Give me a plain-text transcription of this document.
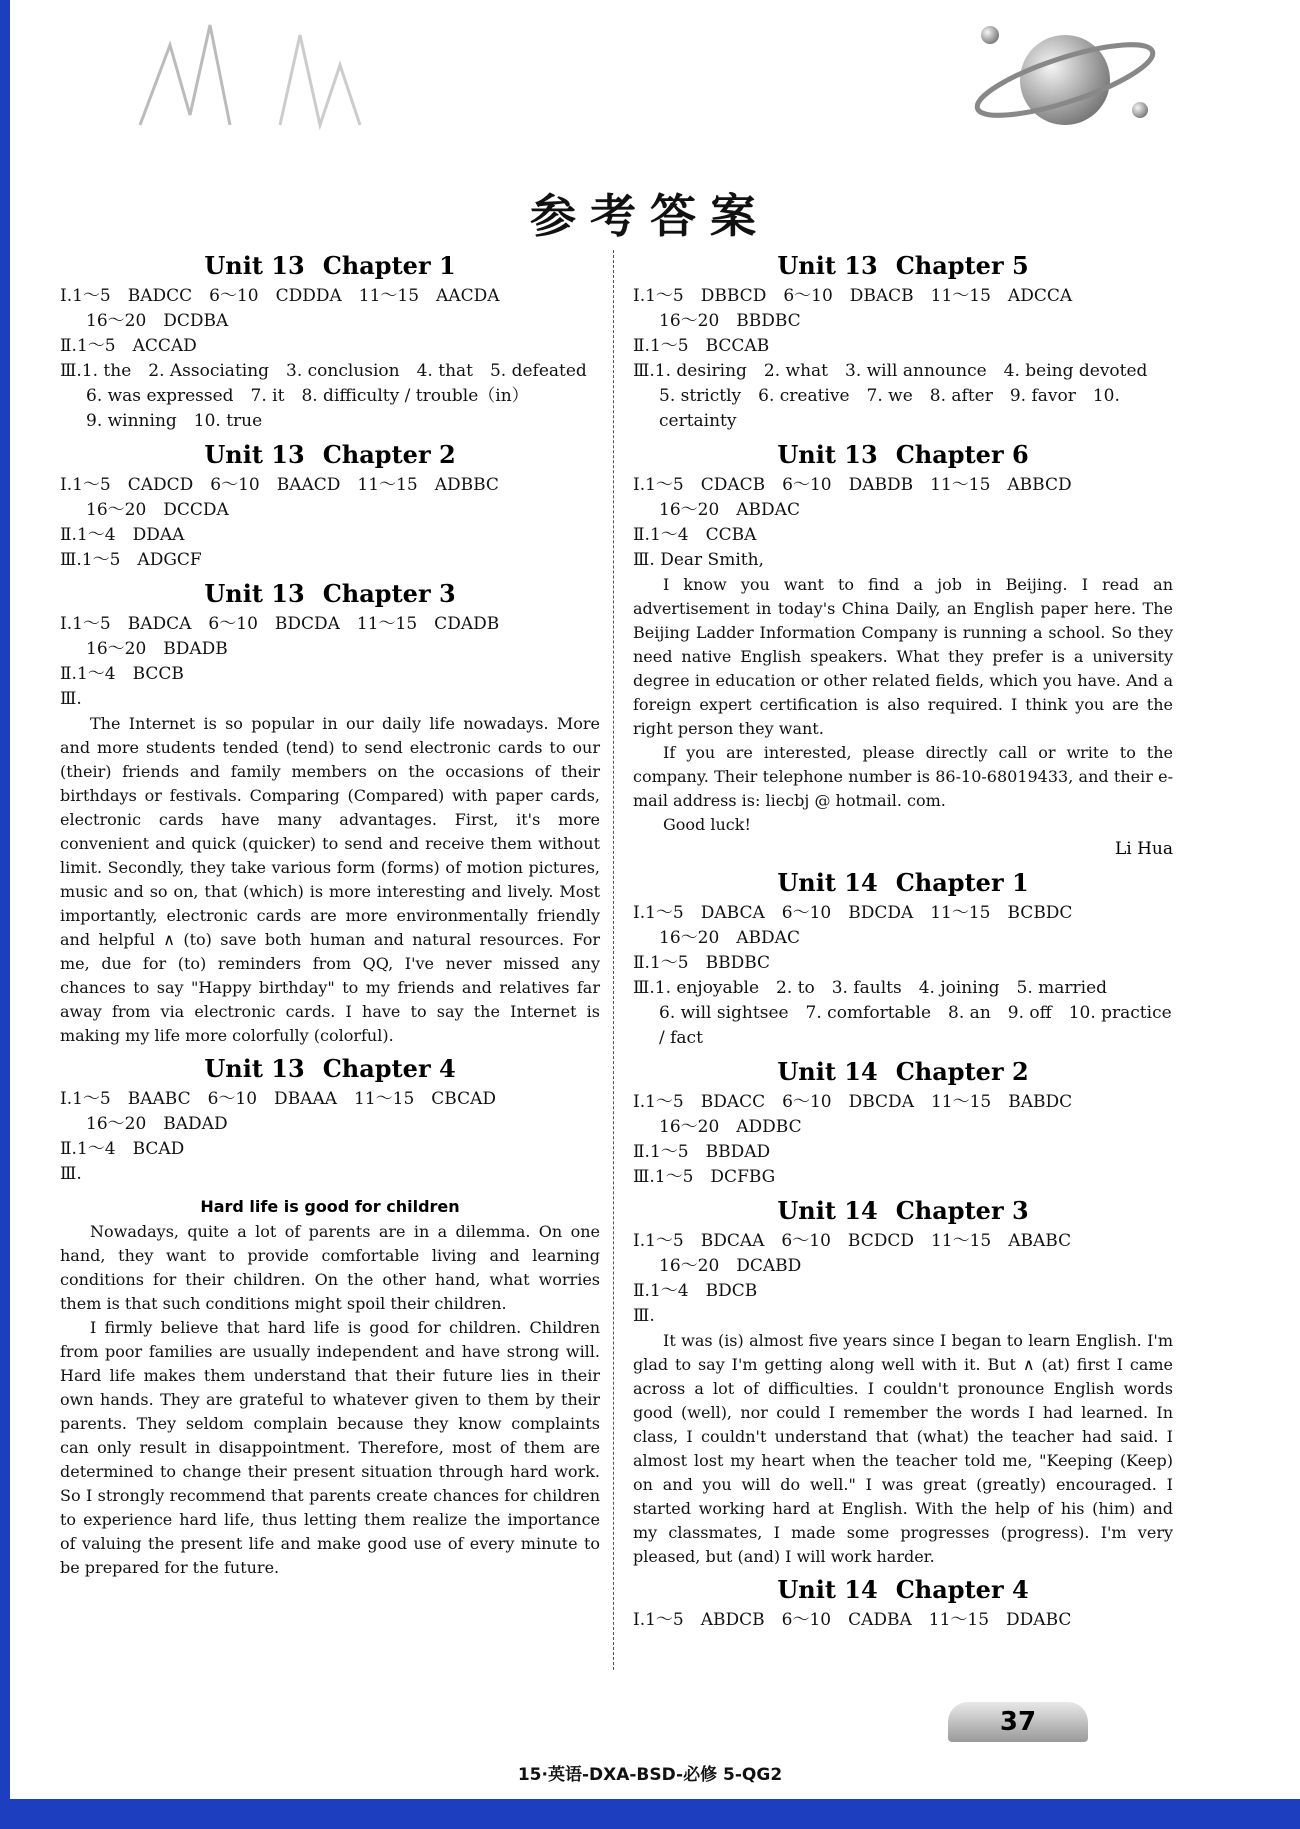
参考答案
Unit 13 Chapter 1
Ⅰ.1～5　BADCC　6～10　CDDDA　11～15　AACDA
16～20　DCDBA
Ⅱ.1～5　ACCAD
Ⅲ.1. the　2. Associating　3. conclusion　4. that　5. defeated
6. was expressed　7. it　8. difficulty / trouble（in）
9. winning　10. true
Unit 13 Chapter 2
Ⅰ.1～5　CADCD　6～10　BAACD　11～15　ADBBC
16～20　DCCDA
Ⅱ.1～4　DDAA
Ⅲ.1～5　ADGCF
Unit 13 Chapter 3
Ⅰ.1～5　BADCA　6～10　BDCDA　11～15　CDADB
16～20　BDADB
Ⅱ.1～4　BCCB
Ⅲ.
The Internet is so popular in our daily life nowadays. More and more students tended (tend) to send electronic cards to our (their) friends and family members on the occasions of their birthdays or festivals. Comparing (Compared) with paper cards, electronic cards have many advantages. First, it's more convenient and quick (quicker) to send and receive them without limit. Secondly, they take various form (forms) of motion pictures, music and so on, that (which) is more interesting and lively. Most importantly, electronic cards are more environmentally friendly and helpful ∧ (to) save both human and natural resources. For me, due for (to) reminders from QQ, I've never missed any chances to say "Happy birthday" to my friends and relatives far away from via electronic cards. I have to say the Internet is making my life more colorfully (colorful).
Unit 13 Chapter 4
Ⅰ.1～5　BAABC　6～10　DBAAA　11～15　CBCAD
16～20　BADAD
Ⅱ.1～4　BCAD
Ⅲ.
Hard life is good for children

Nowadays, quite a lot of parents are in a dilemma. On one hand, they want to provide comfortable living and learning conditions for their children. On the other hand, what worries them is that such conditions might spoil their children.

I firmly believe that hard life is good for children. Children from poor families are usually independent and have strong will. Hard life makes them understand that their future lies in their own hands. They are grateful to whatever given to them by their parents. They seldom complain because they know complaints can only result in disappointment. Therefore, most of them are determined to change their present situation through hard work. So I strongly recommend that parents create chances for children to experience hard life, thus letting them realize the importance of valuing the present life and make good use of every minute to be prepared for the future.

Unit 13 Chapter 5
Ⅰ.1～5　DBBCD　6～10　DBACB　11～15　ADCCA
16～20　BBDBC
Ⅱ.1～5　BCCAB
Ⅲ.1. desiring　2. what　3. will announce　4. being devoted
5. strictly　6. creative　7. we　8. after　9. favor　10. certainty
Unit 13 Chapter 6
Ⅰ.1～5　CDACB　6～10　DABDB　11～15　ABBCD
16～20　ABDAC
Ⅱ.1～4　CCBA
Ⅲ. Dear Smith,

I know you want to find a job in Beijing. I read an advertisement in today's China Daily, an English paper here. The Beijing Ladder Information Company is running a school. So they need native English speakers. What they prefer is a university degree in education or other related fields, which you have. And a foreign expert certification is also required. I think you are the right person they want.

If you are interested, please directly call or write to the company. Their telephone number is 86-10-68019433, and their e-mail address is: liecbj @ hotmail. com.

Good luck!

Li Hua
Unit 14 Chapter 1
Ⅰ.1～5　DABCA　6～10　BDCDA　11～15　BCBDC
16～20　ABDAC
Ⅱ.1～5　BBDBC
Ⅲ.1. enjoyable　2. to　3. faults　4. joining　5. married
6. will sightsee　7. comfortable　8. an　9. off　10. practice
/ fact
Unit 14 Chapter 2
Ⅰ.1～5　BDACC　6～10　DBCDA　11～15　BABDC
16～20　ADDBC
Ⅱ.1～5　BBDAD
Ⅲ.1～5　DCFBG
Unit 14 Chapter 3
Ⅰ.1～5　BDCAA　6～10　BCDCD　11～15　ABABC
16～20　DCABD
Ⅱ.1～4　BDCB
Ⅲ.
It was (is) almost five years since I began to learn English. I'm glad to say I'm getting along well with it. But ∧ (at) first I came across a lot of difficulties. I couldn't pronounce English words good (well), nor could I remember the words I had learned. In class, I couldn't understand that (what) the teacher had said. I almost lost my heart when the teacher told me, "Keeping (Keep) on and you will do well." I was great (greatly) encouraged. I started working hard at English. With the help of his (him) and my classmates, I made some progresses (progress). I'm very pleased, but (and) I will work harder.
Unit 14 Chapter 4
Ⅰ.1～5　ABDCB　6～10　CADBA　11～15　DDABC
37
15·英语-DXA-BSD-必修 5-QG2
